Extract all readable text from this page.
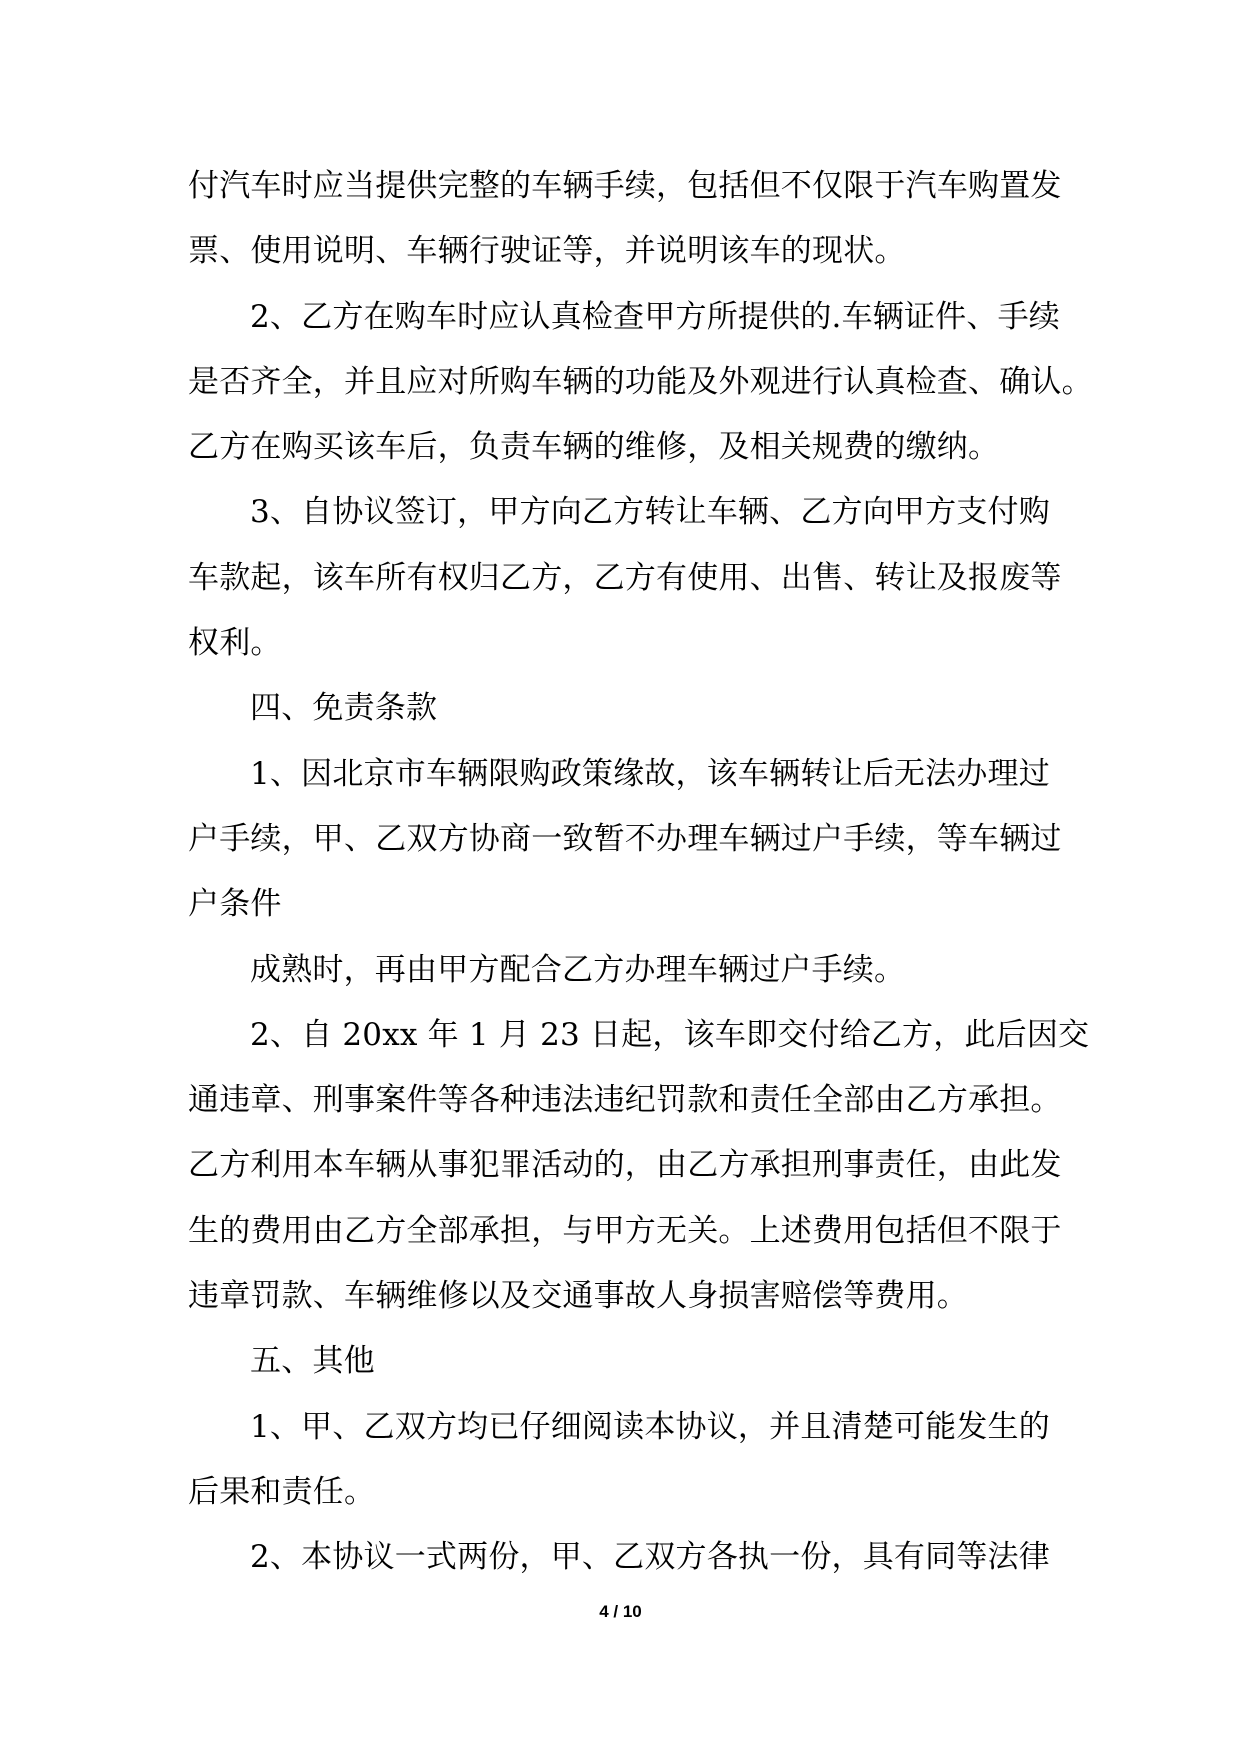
付汽车时应当提供完整的车辆手续，包括但不仅限于汽车购置发
票、使用说明、车辆行驶证等，并说明该车的现状。
2、乙方在购车时应认真检查甲方所提供的.车辆证件、手续
是否齐全，并且应对所购车辆的功能及外观进行认真检查、确认。
乙方在购买该车后，负责车辆的维修，及相关规费的缴纳。
3、自协议签订，甲方向乙方转让车辆、乙方向甲方支付购
车款起，该车所有权归乙方，乙方有使用、出售、转让及报废等
权利。
四、免责条款
1、因北京市车辆限购政策缘故，该车辆转让后无法办理过
户手续，甲、乙双方协商一致暂不办理车辆过户手续，等车辆过
户条件
成熟时，再由甲方配合乙方办理车辆过户手续。
2、自 20xx 年 1 月 23 日起，该车即交付给乙方，此后因交
通违章、刑事案件等各种违法违纪罚款和责任全部由乙方承担。
乙方利用本车辆从事犯罪活动的，由乙方承担刑事责任，由此发
生的费用由乙方全部承担，与甲方无关。上述费用包括但不限于
违章罚款、车辆维修以及交通事故人身损害赔偿等费用。
五、其他
1、甲、乙双方均已仔细阅读本协议，并且清楚可能发生的
后果和责任。
2、本协议一式两份，甲、乙双方各执一份，具有同等法律
4 / 10
